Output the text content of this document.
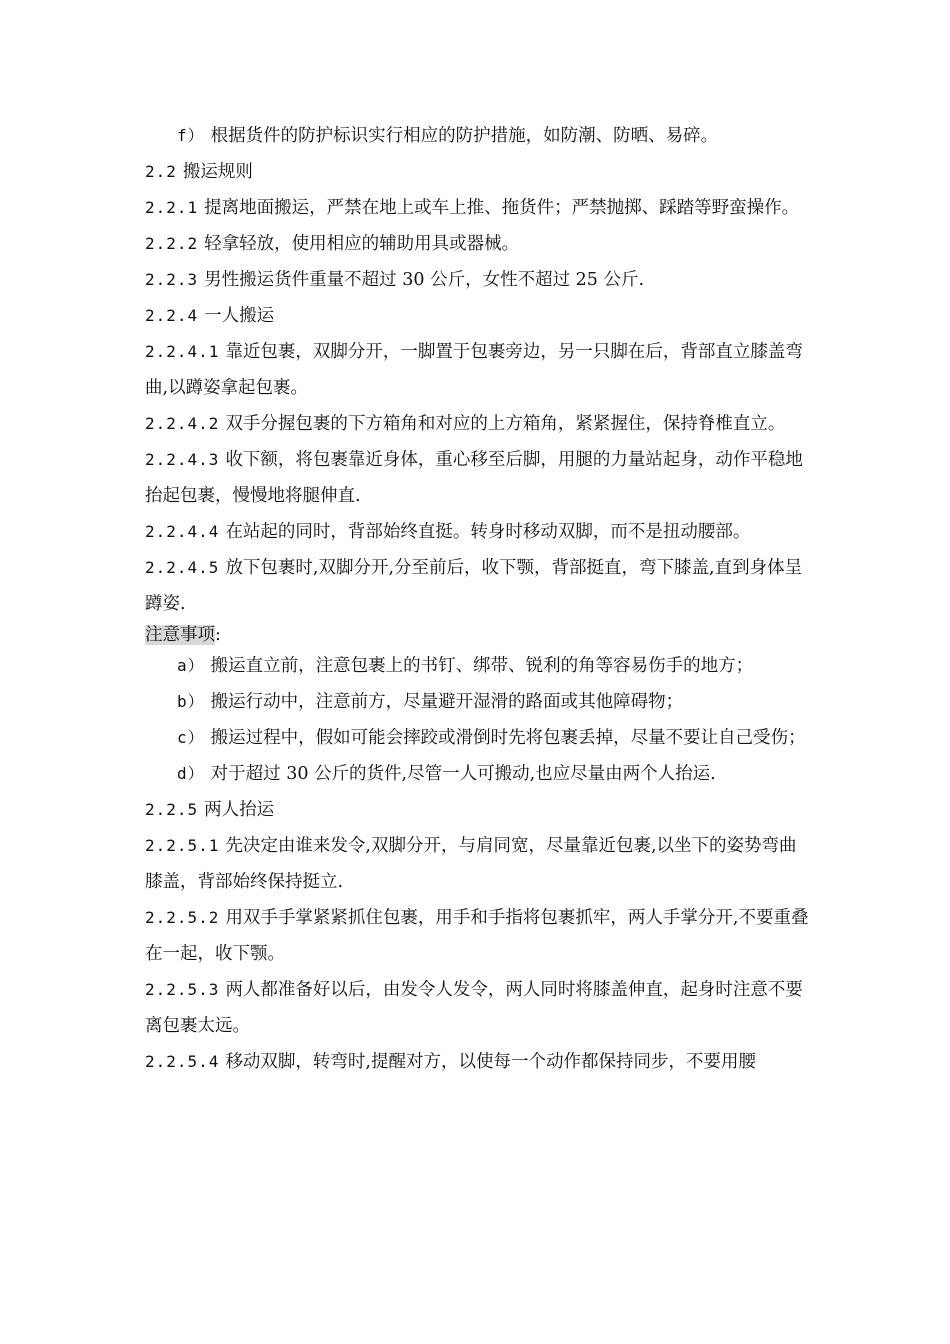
f） 根据货件的防护标识实行相应的防护措施，如防潮、防晒、易碎。

2.2 搬运规则

2.2.1 提离地面搬运，严禁在地上或车上推、拖货件；严禁抛掷、踩踏等野蛮操作。

2.2.2 轻拿轻放，使用相应的辅助用具或器械。

2.2.3 男性搬运货件重量不超过 30 公斤，女性不超过 25 公斤.

2.2.4 一人搬运

2.2.4.1 靠近包裹，双脚分开，一脚置于包裹旁边，另一只脚在后，背部直立膝盖弯曲,以蹲姿拿起包裹。

2.2.4.2 双手分握包裹的下方箱角和对应的上方箱角，紧紧握住，保持脊椎直立。

2.2.4.3 收下额，将包裹靠近身体，重心移至后脚，用腿的力量站起身，动作平稳地抬起包裹，慢慢地将腿伸直.

2.2.4.4 在站起的同时，背部始终直挺。转身时移动双脚，而不是扭动腰部。

2.2.4.5 放下包裹时,双脚分开,分至前后，收下颚，背部挺直，弯下膝盖,直到身体呈蹲姿.

注意事项:

a） 搬运直立前，注意包裹上的书钉、绑带、锐利的角等容易伤手的地方；

b） 搬运行动中，注意前方，尽量避开湿滑的路面或其他障碍物；

c） 搬运过程中，假如可能会摔跤或滑倒时先将包裹丢掉，尽量不要让自己受伤；

d） 对于超过 30 公斤的货件,尽管一人可搬动,也应尽量由两个人抬运.

2.2.5 两人抬运

2.2.5.1 先决定由谁来发令,双脚分开，与肩同宽，尽量靠近包裹,以坐下的姿势弯曲膝盖，背部始终保持挺立.

2.2.5.2 用双手手掌紧紧抓住包裹，用手和手指将包裹抓牢，两人手掌分开,不要重叠在一起，收下颚。

2.2.5.3 两人都准备好以后，由发令人发令，两人同时将膝盖伸直，起身时注意不要离包裹太远。

2.2.5.4 移动双脚，转弯时,提醒对方，以使每一个动作都保持同步，不要用腰
